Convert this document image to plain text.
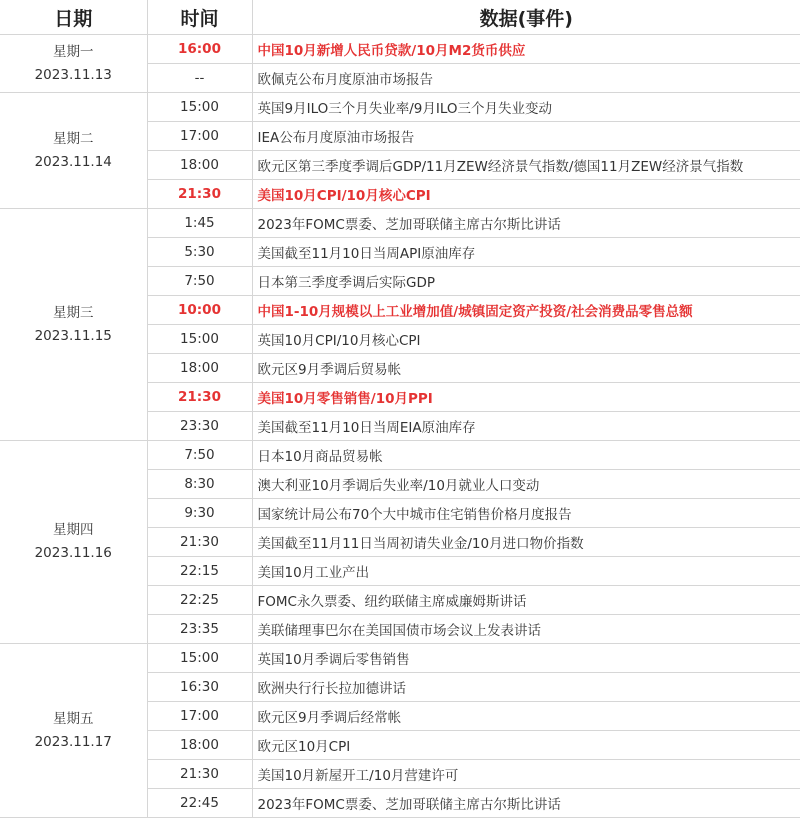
日期	时间	数据(事件)

星期一
2023.11.13	16:00	中国10月新增人民币贷款/10月M2货币供应
	--	欧佩克公布月度原油市场报告

星期二
2023.11.14	15:00	英国9月ILO三个月失业率/9月ILO三个月失业变动
	17:00	IEA公布月度原油市场报告
	18:00	欧元区第三季度季调后GDP/11月ZEW经济景气指数/德国11月ZEW经济景气指数
	21:30	美国10月CPI/10月核心CPI

星期三
2023.11.15	1:45	2023年FOMC票委、芝加哥联储主席古尔斯比讲话
	5:30	美国截至11月10日当周API原油库存
	7:50	日本第三季度季调后实际GDP
	10:00	中国1-10月规模以上工业增加值/城镇固定资产投资/社会消费品零售总额
	15:00	英国10月CPI/10月核心CPI
	18:00	欧元区9月季调后贸易帐
	21:30	美国10月零售销售/10月PPI
	23:30	美国截至11月10日当周EIA原油库存

星期四
2023.11.16	7:50	日本10月商品贸易帐
	8:30	澳大利亚10月季调后失业率/10月就业人口变动
	9:30	国家统计局公布70个大中城市住宅销售价格月度报告
	21:30	美国截至11月11日当周初请失业金/10月进口物价指数
	22:15	美国10月工业产出
	22:25	FOMC永久票委、纽约联储主席威廉姆斯讲话
	23:35	美联储理事巴尔在美国国债市场会议上发表讲话

星期五
2023.11.17	15:00	英国10月季调后零售销售
	16:30	欧洲央行行长拉加德讲话
	17:00	欧元区9月季调后经常帐
	18:00	欧元区10月CPI
	21:30	美国10月新屋开工/10月营建许可
	22:45	2023年FOMC票委、芝加哥联储主席古尔斯比讲话
